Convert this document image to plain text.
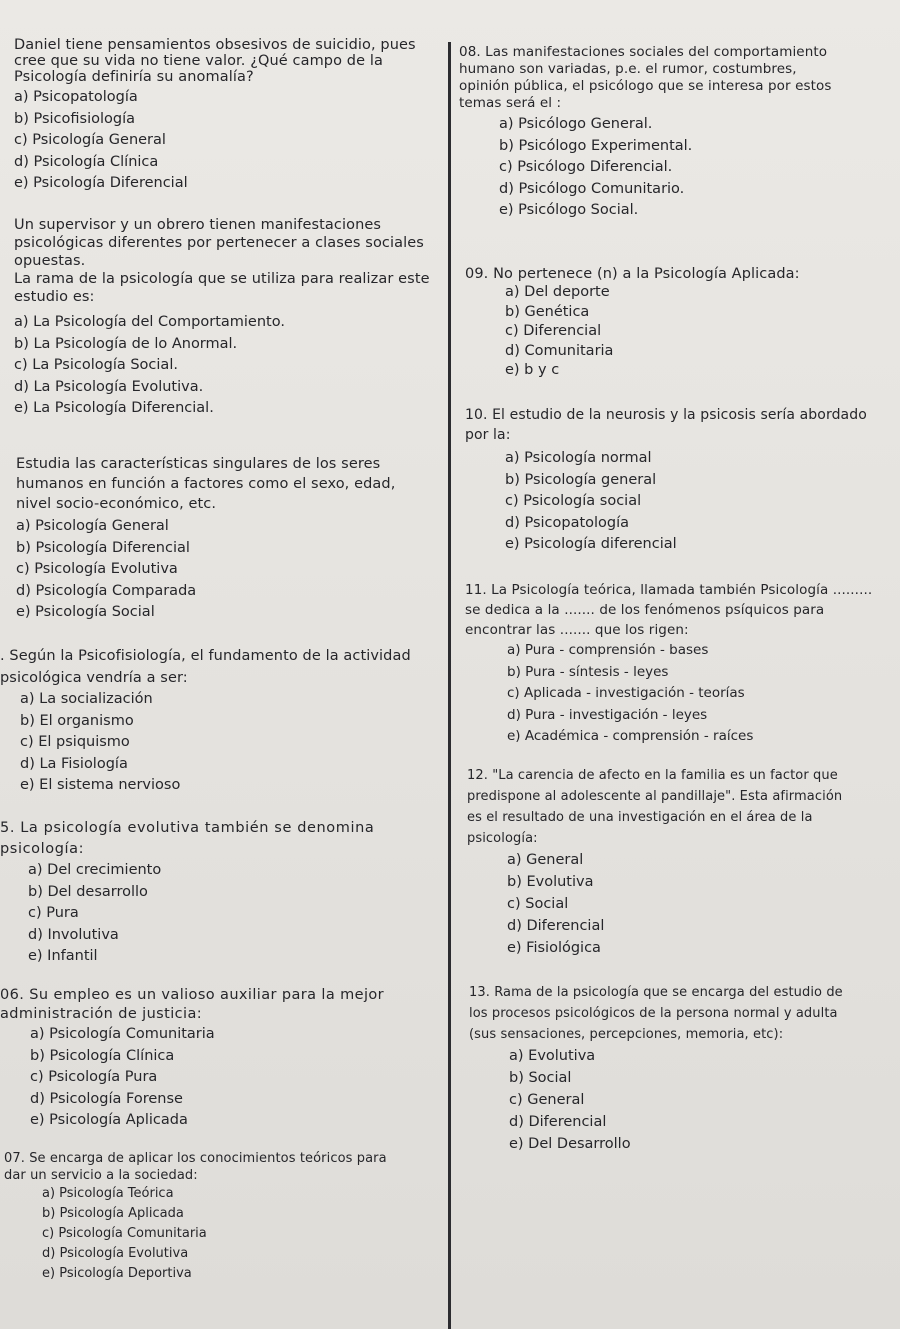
Daniel tiene pensamientos obsesivos de suicidio, pues
cree que su vida no tiene valor. ¿Qué campo de la
Psicología definiría su anomalía?

a) Psicopatología
b) Psicofisiología
c) Psicología General
d) Psicología Clínica
e) Psicología Diferencial

Un supervisor y un obrero tienen manifestaciones
psicológicas diferentes por pertenecer a clases sociales
opuestas.
La rama de la psicología que se utiliza para realizar este
estudio es:

a) La Psicología del Comportamiento.
b) La Psicología de lo Anormal.
c) La Psicología Social.
d) La Psicología Evolutiva.
e) La Psicología Diferencial.

Estudia las características singulares de los seres
humanos en función a factores como el sexo, edad,
nivel socio-económico, etc.

a) Psicología General
b) Psicología Diferencial
c) Psicología Evolutiva
d) Psicología Comparada
e) Psicología Social

. Según la Psicofisiología, el fundamento de la actividad
psicológica vendría a ser:

a) La socialización
b) El organismo
c) El psiquismo
d) La Fisiología
e) El sistema nervioso

5. La psicología evolutiva también se denomina
psicología:

a) Del crecimiento
b) Del desarrollo
c) Pura
d) Involutiva
e) Infantil

06. Su empleo es un valioso auxiliar para la mejor
administración de justicia:

a) Psicología Comunitaria
b) Psicología Clínica
c) Psicología Pura
d) Psicología Forense
e) Psicología Aplicada

07. Se encarga de aplicar los conocimientos teóricos para
dar un servicio a la sociedad:

a) Psicología Teórica
b) Psicología Aplicada
c) Psicología Comunitaria
d) Psicología Evolutiva
e) Psicología Deportiva

08. Las manifestaciones sociales del comportamiento
humano son variadas, p.e. el rumor, costumbres,
opinión pública, el psicólogo que se interesa por estos
temas será el :

a) Psicólogo General.
b) Psicólogo Experimental.
c) Psicólogo Diferencial.
d) Psicólogo Comunitario.
e) Psicólogo Social.

09. No pertenece (n) a la Psicología Aplicada:

a) Del deporte
b) Genética
c) Diferencial
d) Comunitaria
e) b y c

10. El estudio de la neurosis y la psicosis sería abordado
por la:

a) Psicología normal
b) Psicología general
c) Psicología social
d) Psicopatología
e) Psicología diferencial

11. La Psicología teórica, llamada también Psicología .........
se dedica a la ....... de los fenómenos psíquicos para
encontrar las ....... que los rigen:

a) Pura - comprensión - bases
b) Pura - síntesis - leyes
c) Aplicada - investigación - teorías
d) Pura - investigación - leyes
e) Académica - comprensión - raíces

12. "La carencia de afecto en la familia es un factor que
predispone al adolescente al pandillaje". Esta afirmación
es el resultado de una investigación en el área de la
psicología:

a) General
b) Evolutiva
c) Social
d) Diferencial
e) Fisiológica

13. Rama de la psicología que se encarga del estudio de
los procesos psicológicos de la persona normal y adulta
(sus sensaciones, percepciones, memoria, etc):

a) Evolutiva
b) Social
c) General
d) Diferencial
e) Del Desarrollo
